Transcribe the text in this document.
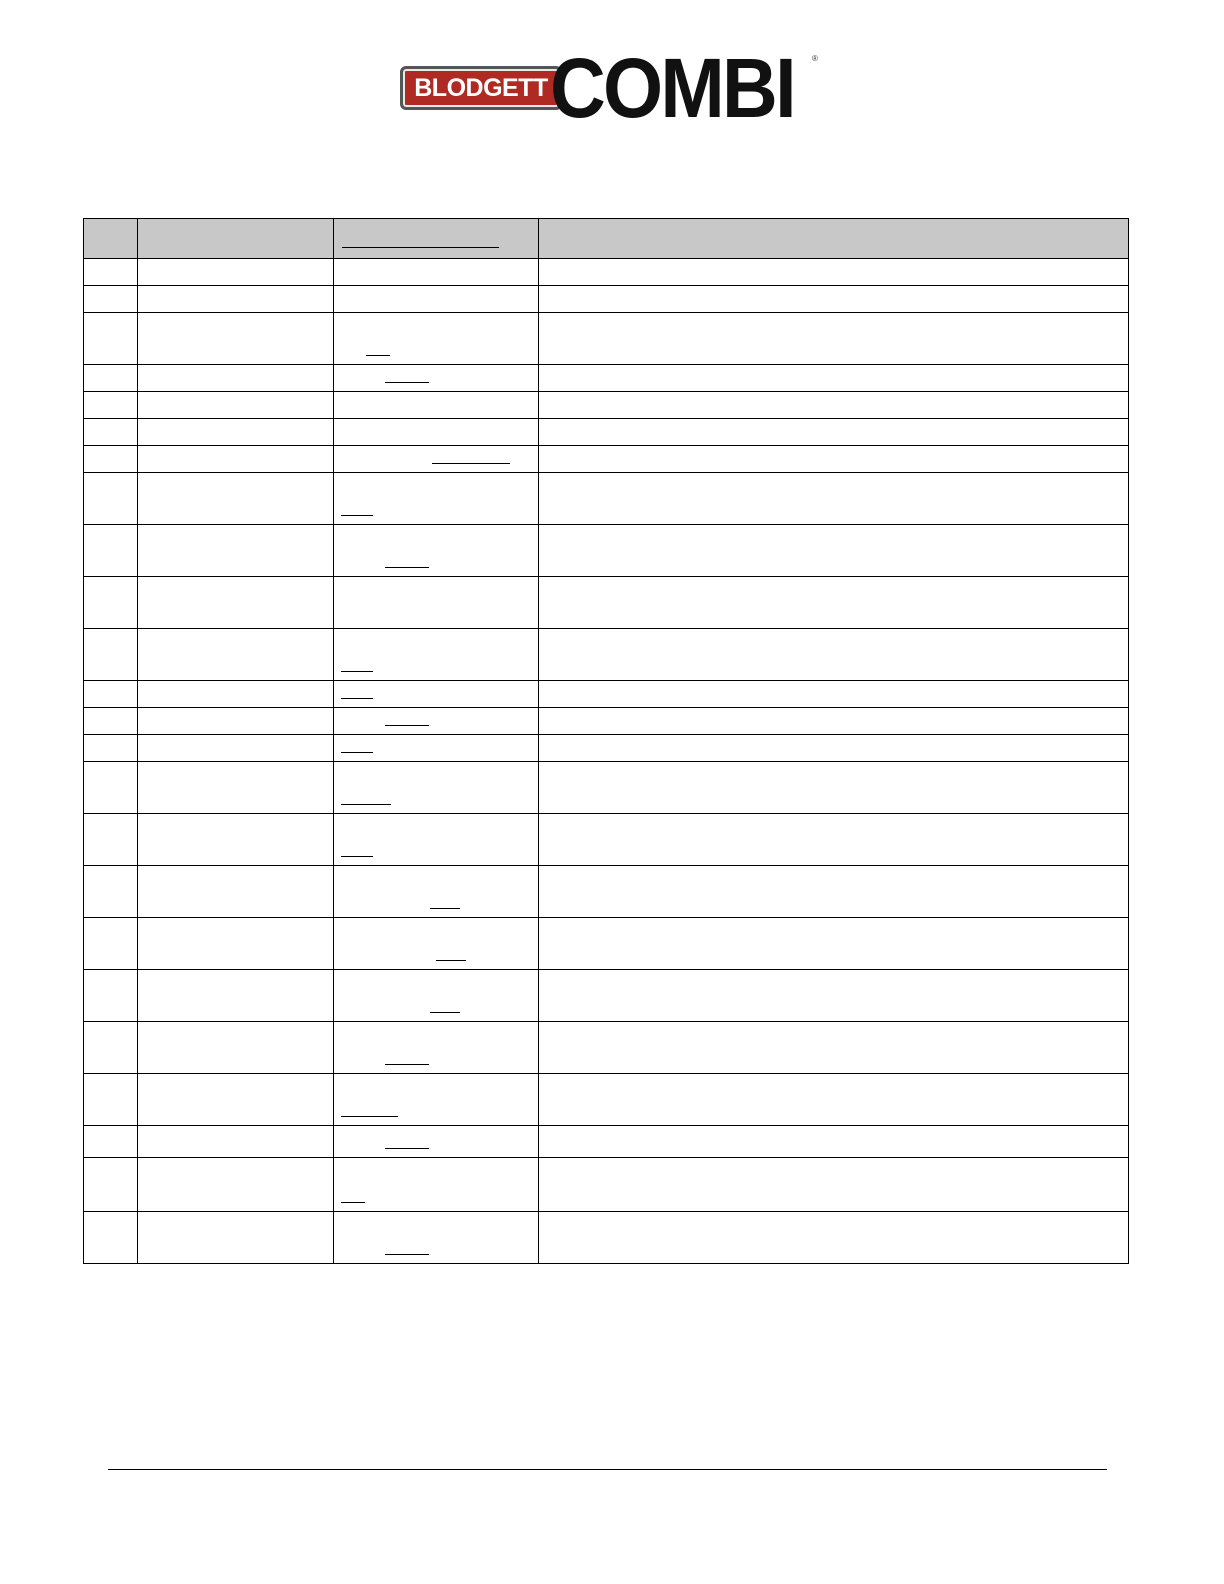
BLODGETT COMBI ®
